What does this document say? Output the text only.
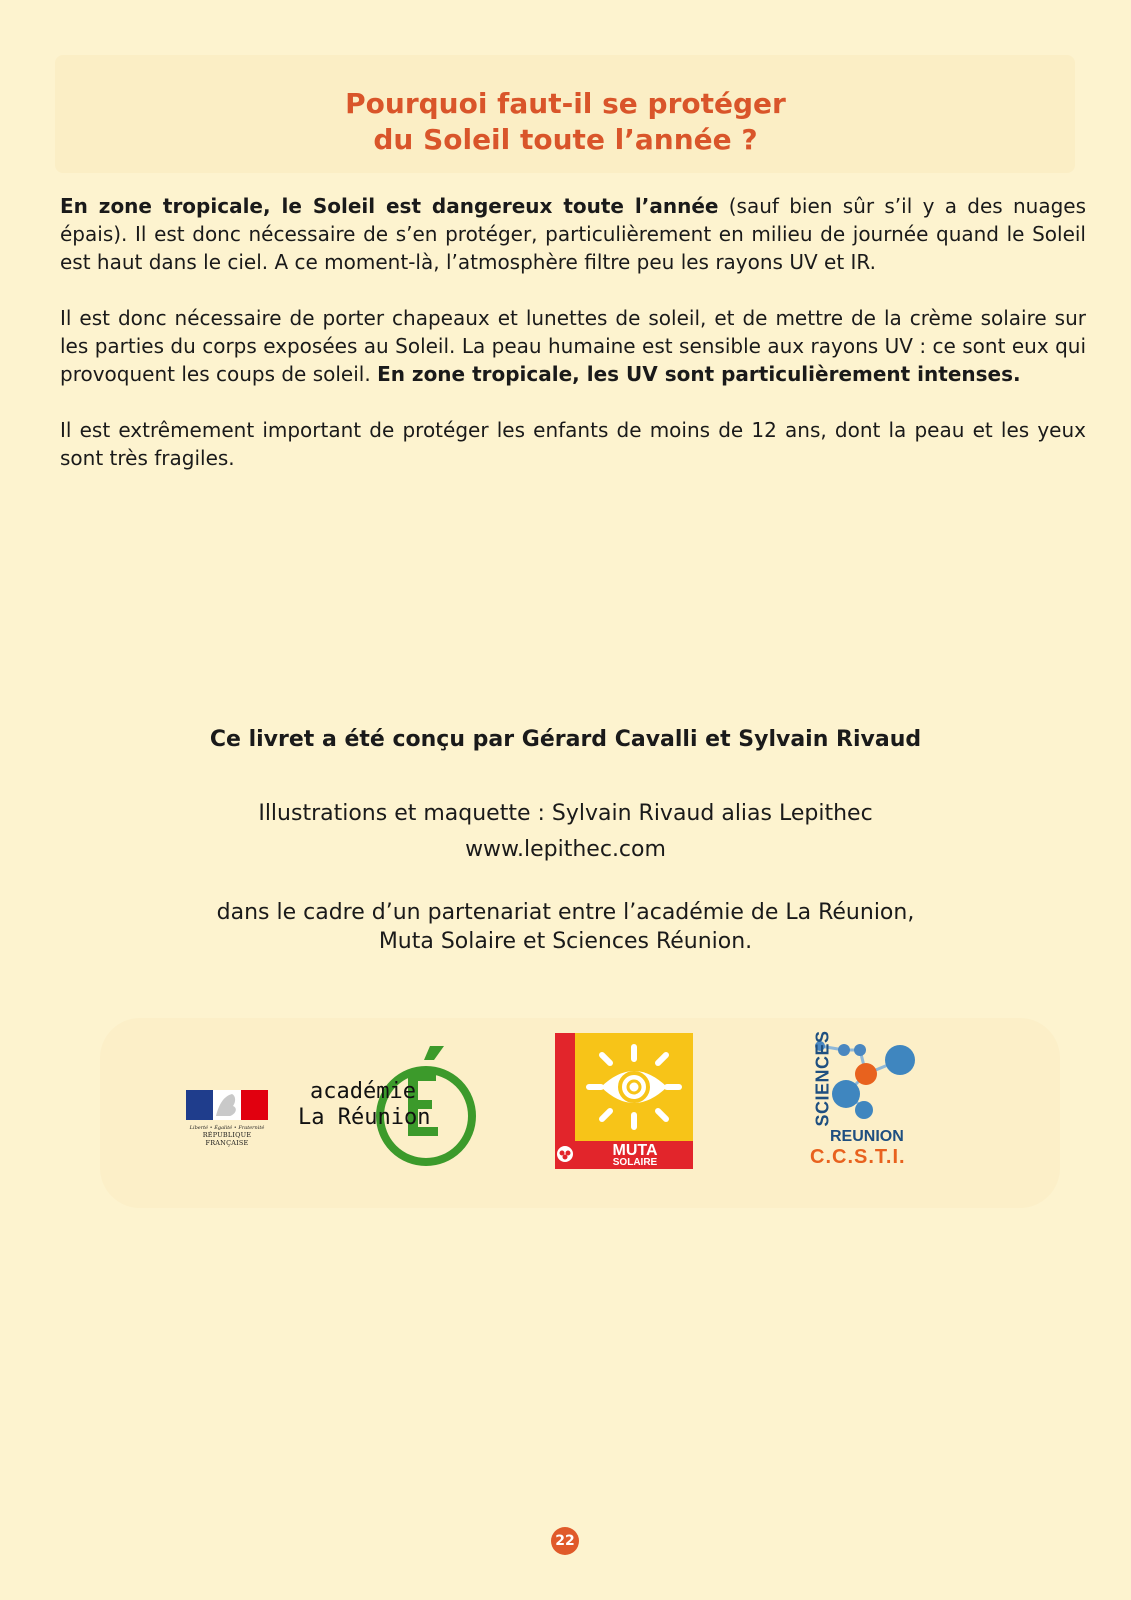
Pourquoi faut-il se protéger
du Soleil toute l’année ?

En zone tropicale, le Soleil est dangereux toute l’année (sauf bien sûr s’il y a des nuages épais). Il est donc nécessaire de s’en protéger, particulièrement en milieu de journée quand le Soleil est haut dans le ciel. A ce moment-là, l’atmosphère filtre peu les rayons UV et IR.

Il est donc nécessaire de porter chapeaux et lunettes de soleil, et de mettre de la crème solaire sur les parties du corps exposées au Soleil. La peau humaine est sensible aux rayons UV : ce sont eux qui provoquent les coups de soleil. En zone tropicale, les UV sont particulièrement intenses.

Il est extrêmement important de protéger les enfants de moins de 12 ans, dont la peau et les yeux sont très fragiles.

Ce livret a été conçu par Gérard Cavalli et Sylvain Rivaud
Illustrations et maquette : Sylvain Rivaud alias Lepithec
www.lepithec.com
dans le cadre d’un partenariat entre l’académie de La Réunion,
Muta Solaire et Sciences Réunion.
Liberté • Égalité • Fraternité
RÉPUBLIQUE FRANÇAISE
académie
La Réunion
MUTA
SOLAIRE
SCIENCES
REUNION
C.C.S.T.I.
22
